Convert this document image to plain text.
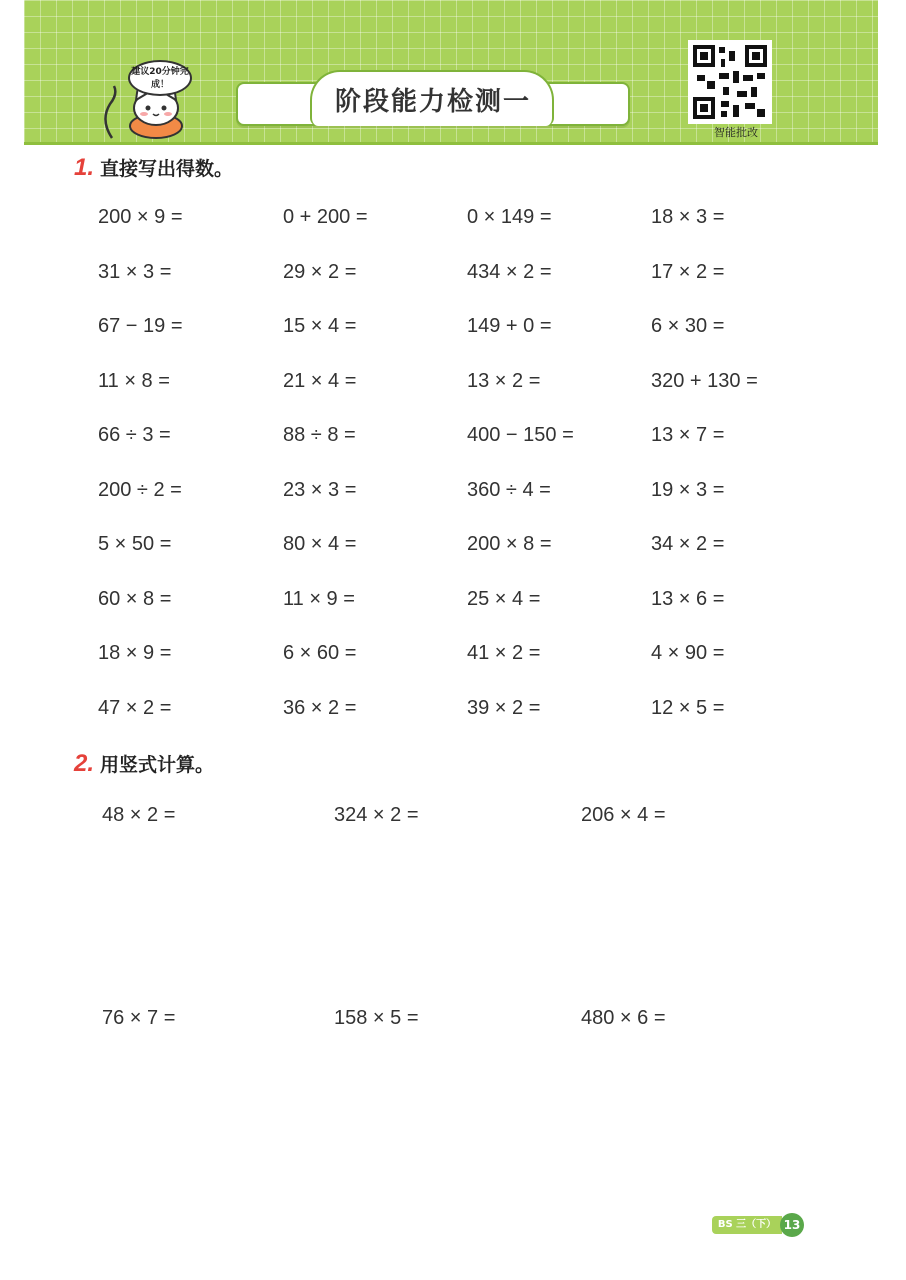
建议20分钟完成！
阶段能力检测一
智能批改
1. 直接写出得数。
200 × 9 =	0 + 200 =	0 × 149 =	18 × 3 =
31 × 3 =	29 × 2 =	434 × 2 =	17 × 2 =
67 − 19 =	15 × 4 =	149 + 0 =	6 × 30 =
11 × 8 =	21 × 4 =	13 × 2 =	320 + 130 =
66 ÷ 3 =	88 ÷ 8 =	400 − 150 =	13 × 7 =
200 ÷ 2 =	23 × 3 =	360 ÷ 4 =	19 × 3 =
5 × 50 =	80 × 4 =	200 × 8 =	34 × 2 =
60 × 8 =	11 × 9 =	25 × 4 =	13 × 6 =
18 × 9 =	6 × 60 =	41 × 2 =	4 × 90 =
47 × 2 =	36 × 2 =	39 × 2 =	12 × 5 =
2. 用竖式计算。
48 × 2 =	324 × 2 =	206 × 4 =
76 × 7 =	158 × 5 =	480 × 6 =
BS 三（下） 13
